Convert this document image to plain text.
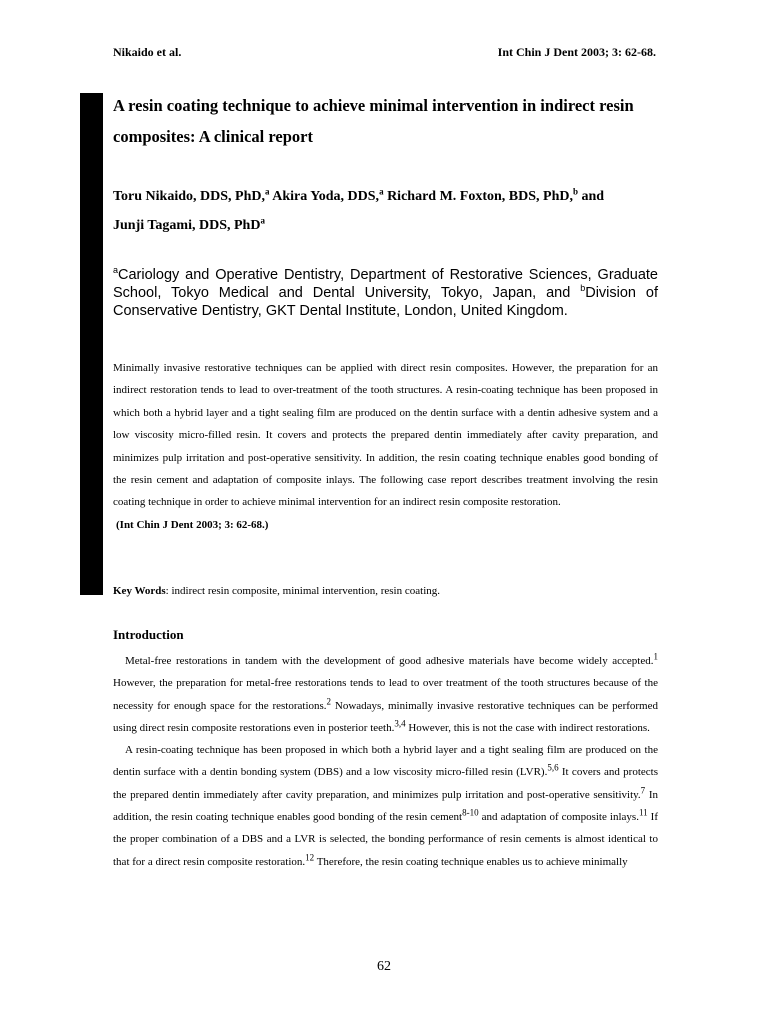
Nikaido et al.	Int Chin J Dent 2003; 3: 62-68.
A resin coating technique to achieve minimal intervention in indirect resin composites: A clinical report
Toru Nikaido, DDS, PhD,$^a$ Akira Yoda, DDS,$^a$ Richard M. Foxton, BDS, PhD,$^b$ and
Junji Tagami, DDS, PhD$^a$
$^a$Cariology and Operative Dentistry, Department of Restorative Sciences, Graduate School, Tokyo Medical and Dental University, Tokyo, Japan, and $^b$Division of Conservative Dentistry, GKT Dental Institute, London, United Kingdom.
Minimally invasive restorative techniques can be applied with direct resin composites. However, the preparation for an indirect restoration tends to lead to over-treatment of the tooth structures. A resin-coating technique has been proposed in which both a hybrid layer and a tight sealing film are produced on the dentin surface with a dentin adhesive system and a low viscosity micro-filled resin. It covers and protects the prepared dentin immediately after cavity preparation, and minimizes pulp irritation and post-operative sensitivity. In addition, the resin coating technique enables good bonding of the resin cement and adaptation of composite inlays. The following case report describes treatment involving the resin coating technique in order to achieve minimal intervention for an indirect resin composite restoration.
(Int Chin J Dent 2003; 3: 62-68.)
Key Words: indirect resin composite, minimal intervention, resin coating.
Introduction

Metal-free restorations in tandem with the development of good adhesive materials have become widely accepted.$^1$ However, the preparation for metal-free restorations tends to lead to over treatment of the tooth structures because of the necessity for enough space for the restorations.$^2$ Nowadays, minimally invasive restorative techniques can be performed using direct resin composite restorations even in posterior teeth.$^{3,4}$ However, this is not the case with indirect restorations.

A resin-coating technique has been proposed in which both a hybrid layer and a tight sealing film are produced on the dentin surface with a dentin bonding system (DBS) and a low viscosity micro-filled resin (LVR).$^{5,6}$ It covers and protects the prepared dentin immediately after cavity preparation, and minimizes pulp irritation and post-operative sensitivity.$^7$ In addition, the resin coating technique enables good bonding of the resin cement$^{8-10}$ and adaptation of composite inlays.$^{11}$ If the proper combination of a DBS and a LVR is selected, the bonding performance of resin cements is almost identical to that for a direct resin composite restoration.$^{12}$ Therefore, the resin coating technique enables us to achieve minimally

62
